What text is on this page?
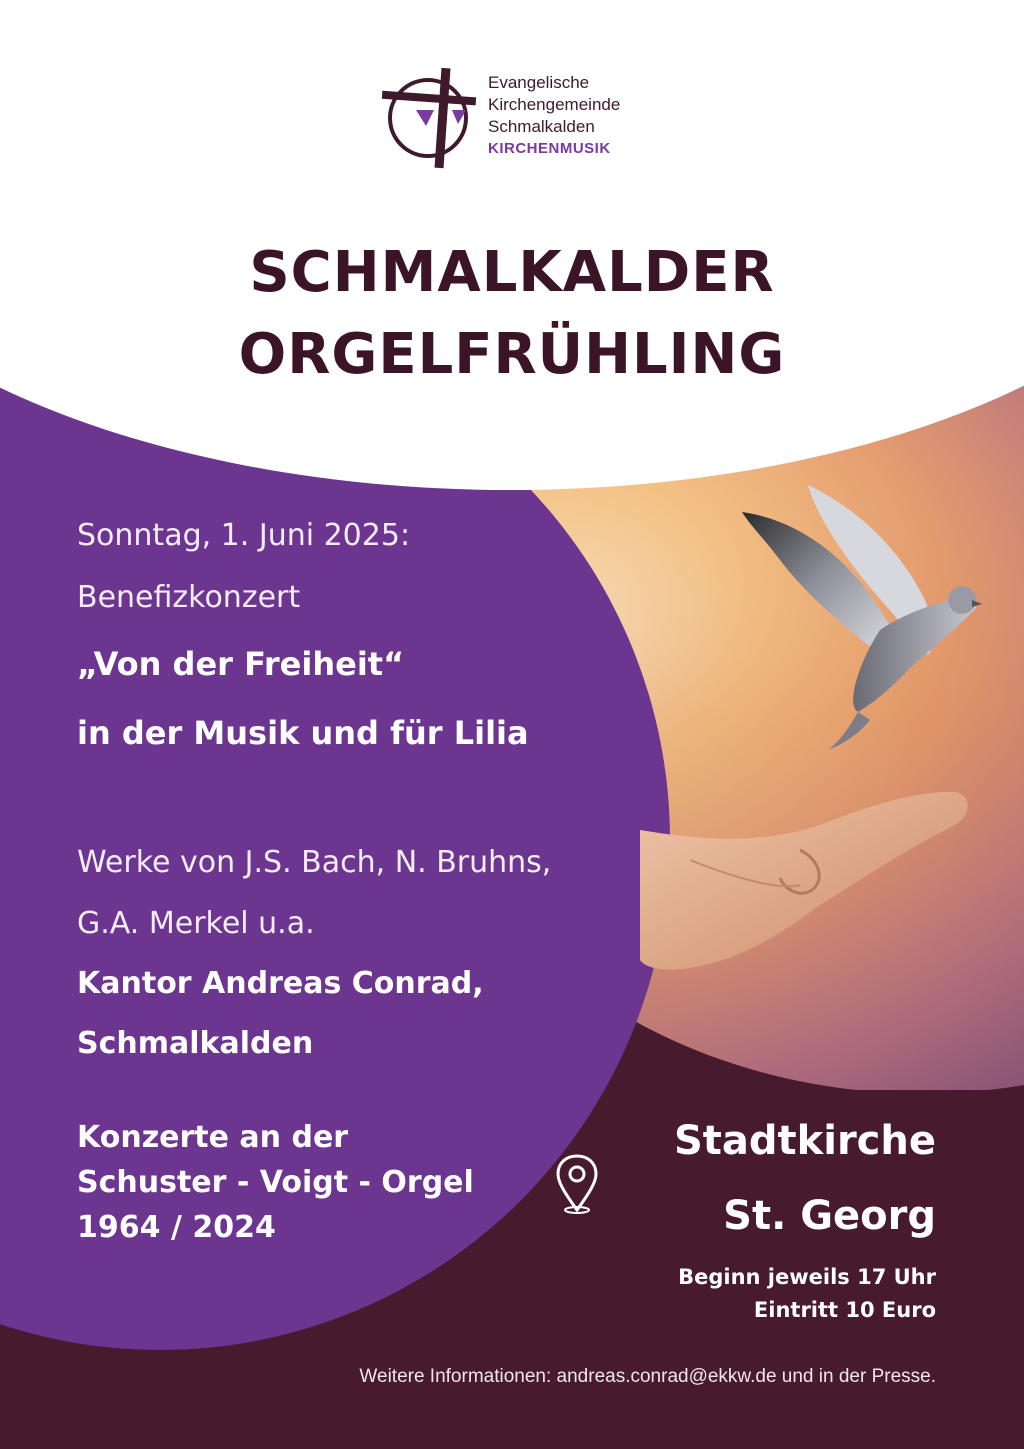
Evangelische
Kirchengemeinde
Schmalkalden
KIRCHENMUSIK
SCHMALKALDER
ORGELFRÜHLING
Sonntag, 1. Juni 2025:
Benefizkonzert
„Von der Freiheit“
in der Musik und für Lilia
Werke von J.S. Bach, N. Bruhns,
G.A. Merkel u.a.
Kantor Andreas Conrad,
Schmalkalden
Konzerte an der
Schuster - Voigt - Orgel
1964 / 2024
Stadtkirche
St. Georg
Beginn jeweils 17 Uhr
Eintritt 10 Euro
Weitere Informationen: andreas.conrad@ekkw.de und in der Presse.
